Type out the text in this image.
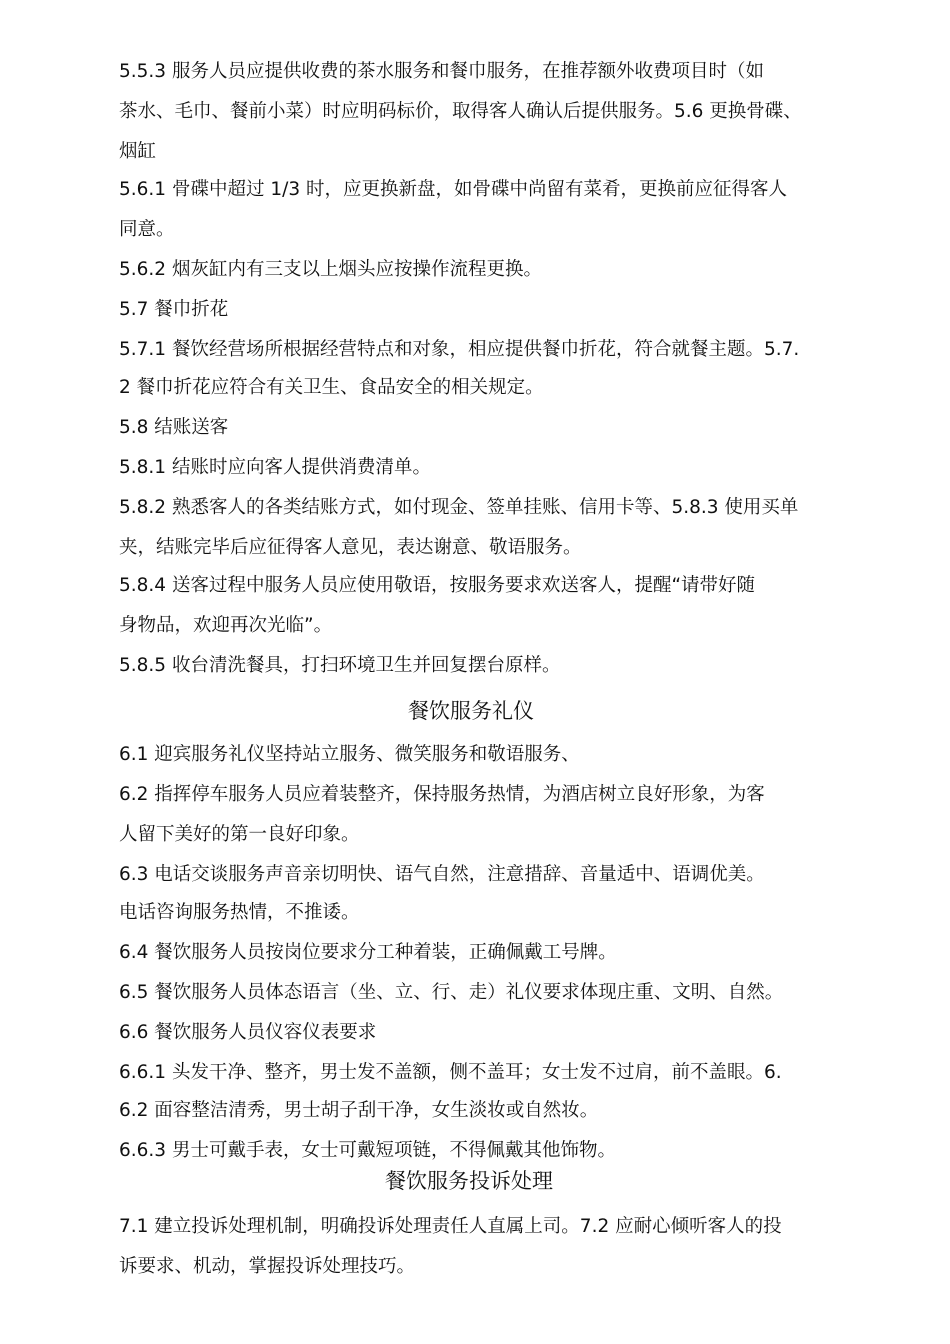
5.5.3 服务人员应提供收费的茶水服务和餐巾服务，在推荐额外收费项目时（如
茶水、毛巾、餐前小菜）时应明码标价，取得客人确认后提供服务。5.6 更换骨碟、
烟缸
5.6.1 骨碟中超过 1/3 时，应更换新盘，如骨碟中尚留有菜肴，更换前应征得客人
同意。
5.6.2 烟灰缸内有三支以上烟头应按操作流程更换。
5.7 餐巾折花
5.7.1 餐饮经营场所根据经营特点和对象，相应提供餐巾折花，符合就餐主题。5.7.
2 餐巾折花应符合有关卫生、食品安全的相关规定。
5.8 结账送客
5.8.1 结账时应向客人提供消费清单。
5.8.2 熟悉客人的各类结账方式，如付现金、签单挂账、信用卡等、5.8.3 使用买单
夹，结账完毕后应征得客人意见，表达谢意、敬语服务。
5.8.4 送客过程中服务人员应使用敬语，按服务要求欢送客人，提醒“请带好随
身物品，欢迎再次光临”。
5.8.5 收台清洗餐具，打扫环境卫生并回复摆台原样。
餐饮服务礼仪
6.1 迎宾服务礼仪坚持站立服务、微笑服务和敬语服务、
6.2 指挥停车服务人员应着装整齐，保持服务热情，为酒店树立良好形象，为客
人留下美好的第一良好印象。
6.3 电话交谈服务声音亲切明快、语气自然，注意措辞、音量适中、语调优美。
电话咨询服务热情，不推诿。
6.4 餐饮服务人员按岗位要求分工种着装，正确佩戴工号牌。
6.5 餐饮服务人员体态语言（坐、立、行、走）礼仪要求体现庄重、文明、自然。
6.6 餐饮服务人员仪容仪表要求
6.6.1 头发干净、整齐，男士发不盖额，侧不盖耳；女士发不过肩，前不盖眼。6.
6.2 面容整洁清秀，男士胡子刮干净，女生淡妆或自然妆。
6.6.3 男士可戴手表，女士可戴短项链，不得佩戴其他饰物。
餐饮服务投诉处理
7.1 建立投诉处理机制，明确投诉处理责任人直属上司。7.2 应耐心倾听客人的投
诉要求、机动，掌握投诉处理技巧。
